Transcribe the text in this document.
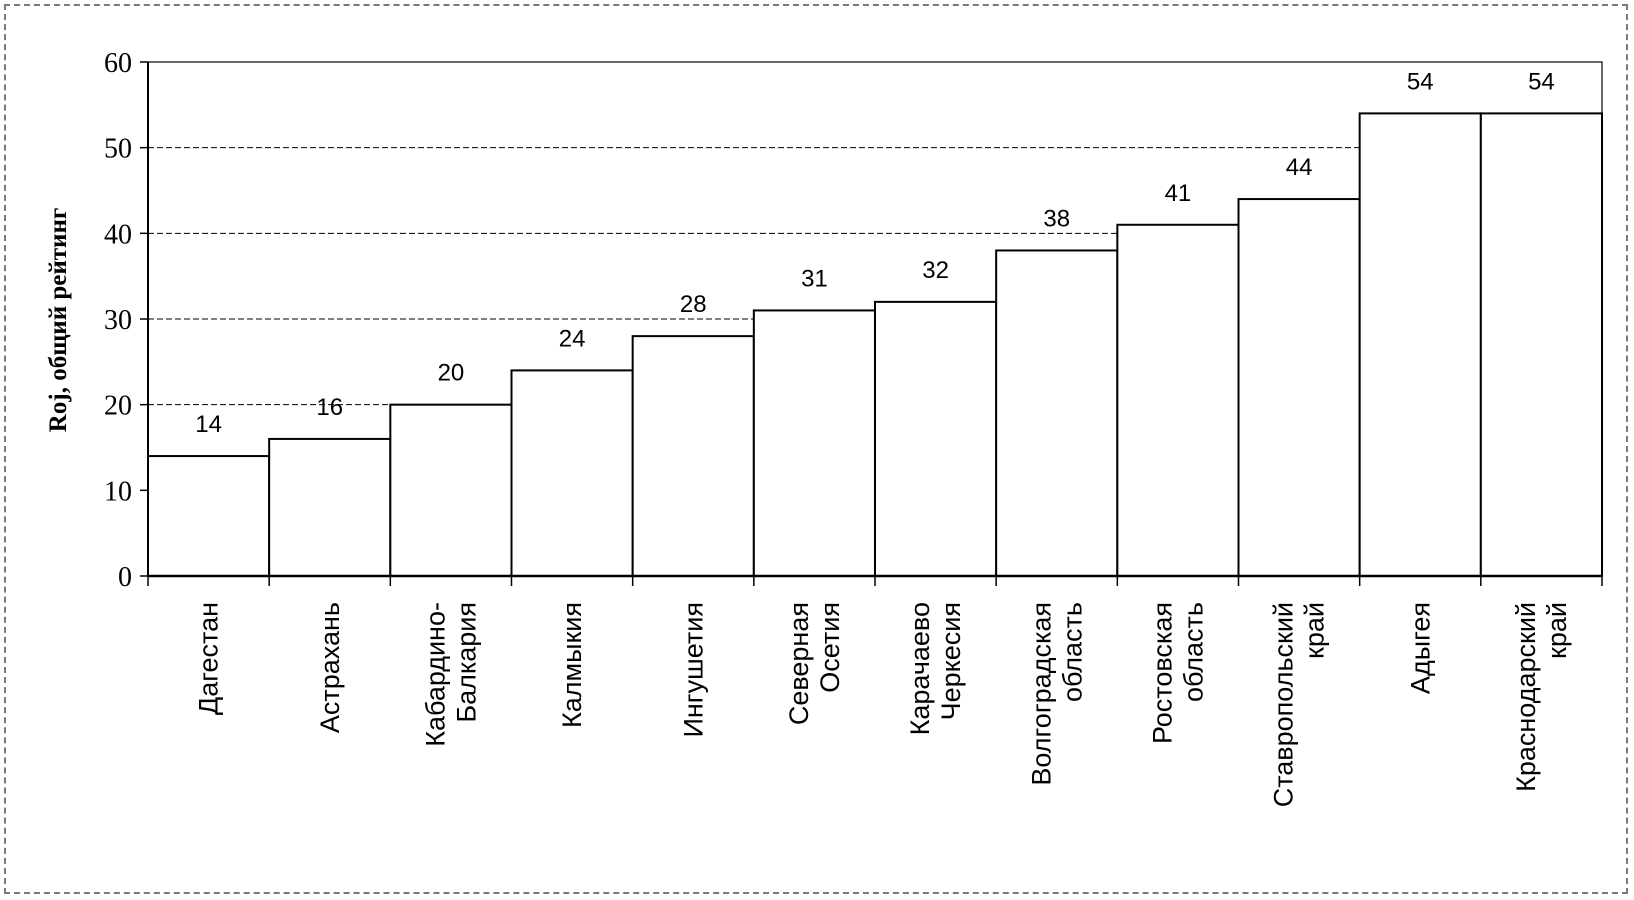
14
16
20
24
28
31	32
38
41
44
54	54
0
10
20
30
40
50
60
Дагестан	Астрахань	Кабардино- Балкария	Калмыкия	Ингушетия	Северная Осетия Карачаево Черкесия Волгоградская область Ростовская область Ставропольский край	Адыгея	Краснодарский край
Roj, общий рейтинг
